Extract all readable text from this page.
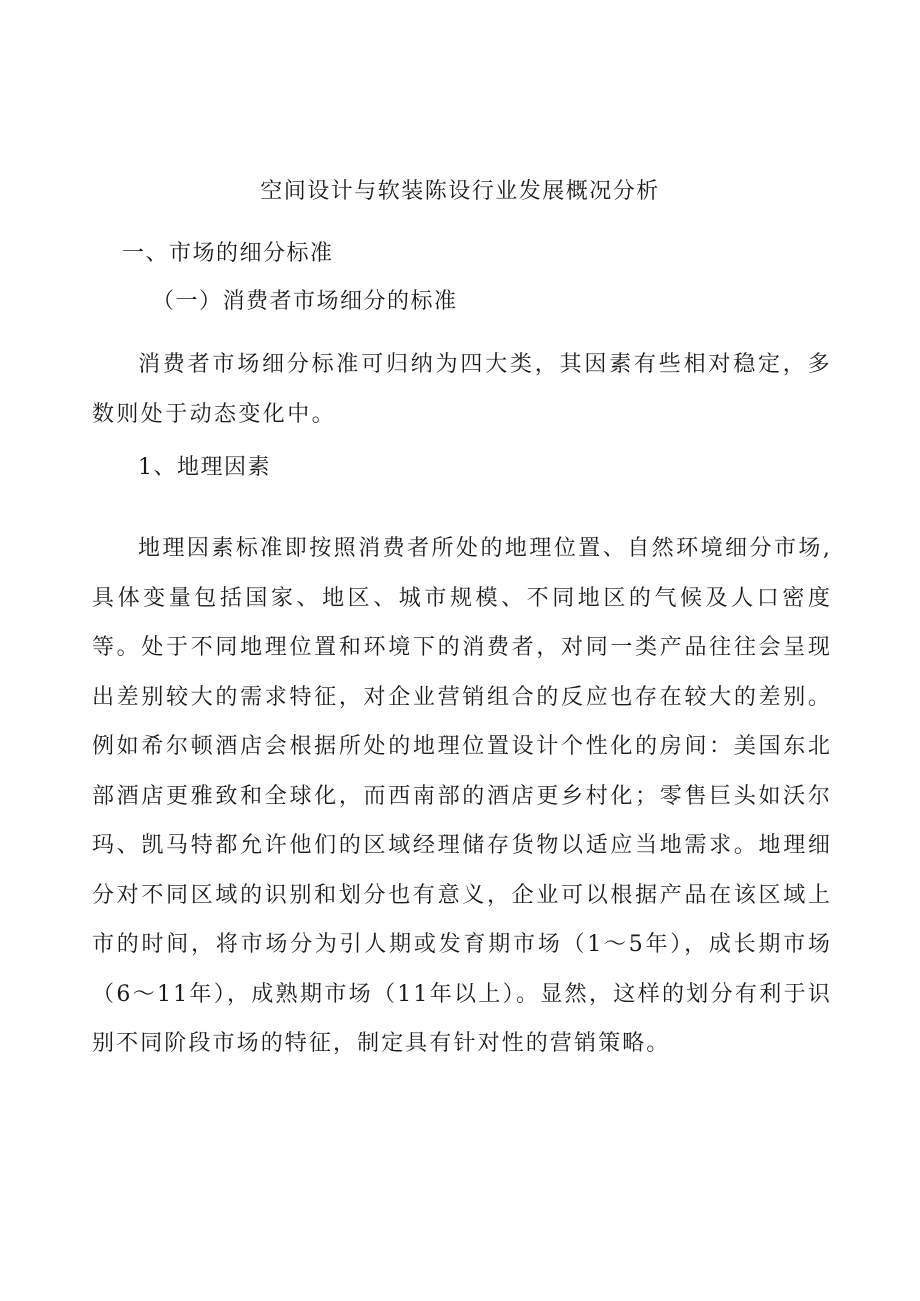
空间设计与软装陈设行业发展概况分析
一、市场的细分标准
（一）消费者市场细分的标准

消费者市场细分标准可归纳为四大类，其因素有些相对稳定，多数则处于动态变化中。

1、地理因素

地理因素标准即按照消费者所处的地理位置、自然环境细分市场,具体变量包括国家、地区、城市规模、不同地区的气候及人口密度等。处于不同地理位置和环境下的消费者，对同一类产品往往会呈现出差别较大的需求特征，对企业营销组合的反应也存在较大的差别。例如希尔顿酒店会根据所处的地理位置设计个性化的房间：美国东北部酒店更雅致和全球化，而西南部的酒店更乡村化；零售巨头如沃尔玛、凯马特都允许他们的区域经理储存货物以适应当地需求。地理细分对不同区域的识别和划分也有意义，企业可以根据产品在该区域上市的时间，将市场分为引人期或发育期市场（1～5年），成长期市场（6～11年），成熟期市场（11年以上）。显然，这样的划分有利于识别不同阶段市场的特征，制定具有针对性的营销策略。
